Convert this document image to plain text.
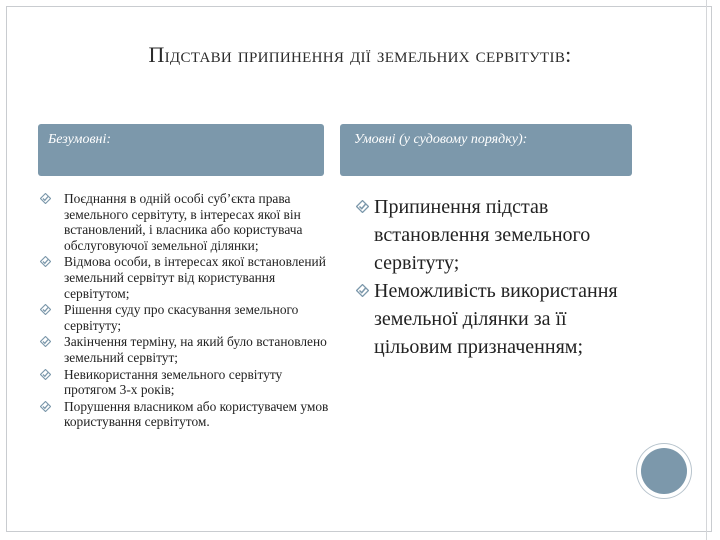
Підстави припинення дії земельних сервітутів:
Безумовні:	Умовні (у судовому порядку):
Поєднання в одній особі суб’єкта права земельного сервітуту, в інтересах якої він встановлений, і власника або користувача обслуговуючої земельної ділянки;
Відмова особи, в інтересах якої встановлений земельний сервітут від користування сервітутом;
Рішення суду про скасування земельного сервітуту;
Закінчення терміну, на який було встановлено земельний сервітут;
Невикористання земельного сервітуту протягом 3-х років;
Порушення власником або користувачем умов користування сервітутом.
Припинення підстав встановлення земельного сервітуту;
Неможливість використання земельної ділянки за її цільовим призначенням;
